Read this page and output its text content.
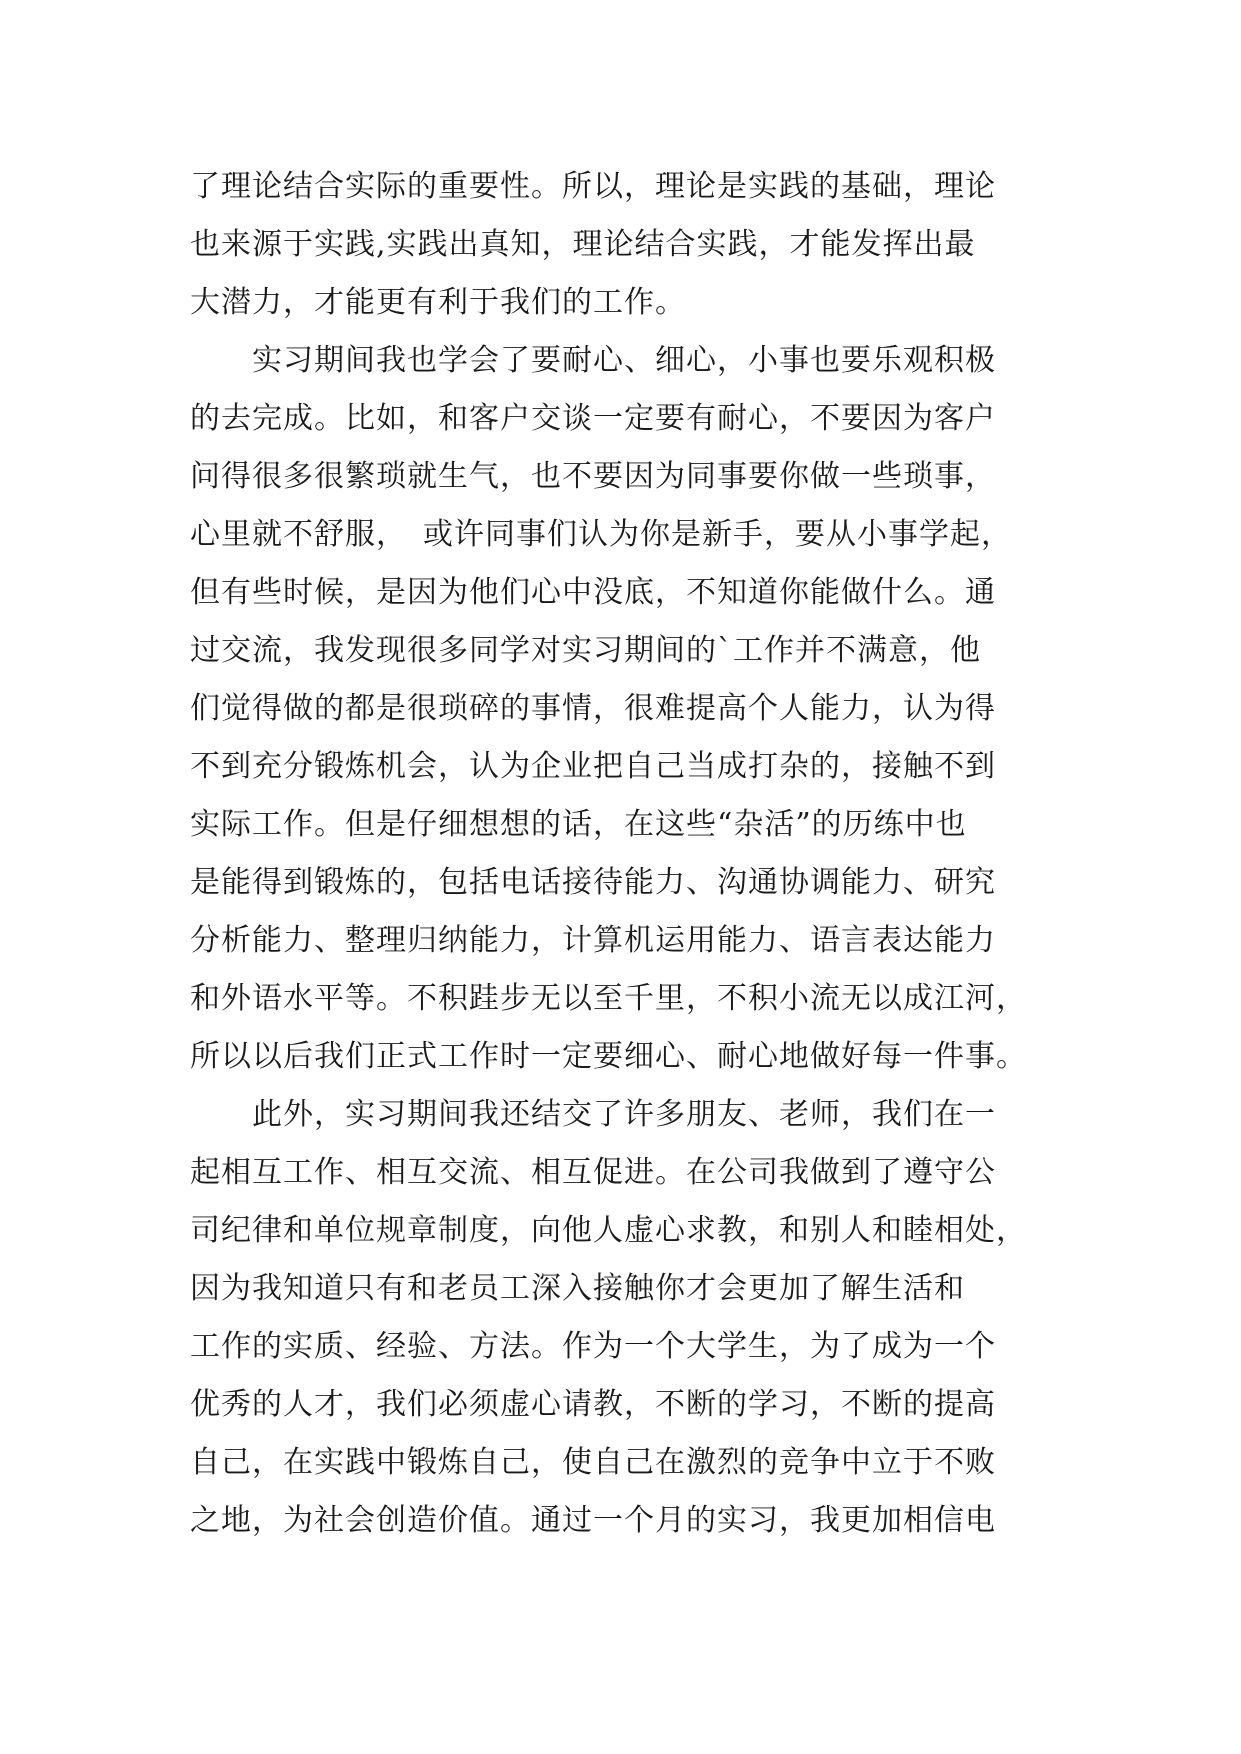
了理论结合实际的重要性。所以，理论是实践的基础，理论
也来源于实践,实践出真知，理论结合实践，才能发挥出最
大潜力，才能更有利于我们的工作。
　　实习期间我也学会了要耐心、细心，小事也要乐观积极
的去完成。比如，和客户交谈一定要有耐心，不要因为客户
问得很多很繁琐就生气，也不要因为同事要你做一些琐事，
心里就不舒服，　或许同事们认为你是新手，要从小事学起，
但有些时候，是因为他们心中没底，不知道你能做什么。通
过交流，我发现很多同学对实习期间的`工作并不满意，他
们觉得做的都是很琐碎的事情，很难提高个人能力，认为得
不到充分锻炼机会，认为企业把自己当成打杂的，接触不到
实际工作。但是仔细想想的话，在这些“杂活”的历练中也
是能得到锻炼的，包括电话接待能力、沟通协调能力、研究
分析能力、整理归纳能力，计算机运用能力、语言表达能力
和外语水平等。不积跬步无以至千里，不积小流无以成江河，
所以以后我们正式工作时一定要细心、耐心地做好每一件事。
　　此外，实习期间我还结交了许多朋友、老师，我们在一
起相互工作、相互交流、相互促进。在公司我做到了遵守公
司纪律和单位规章制度，向他人虚心求教，和别人和睦相处，
因为我知道只有和老员工深入接触你才会更加了解生活和
工作的实质、经验、方法。作为一个大学生，为了成为一个
优秀的人才，我们必须虚心请教，不断的学习，不断的提高
自己，在实践中锻炼自己，使自己在激烈的竞争中立于不败
之地，为社会创造价值。通过一个月的实习，我更加相信电
